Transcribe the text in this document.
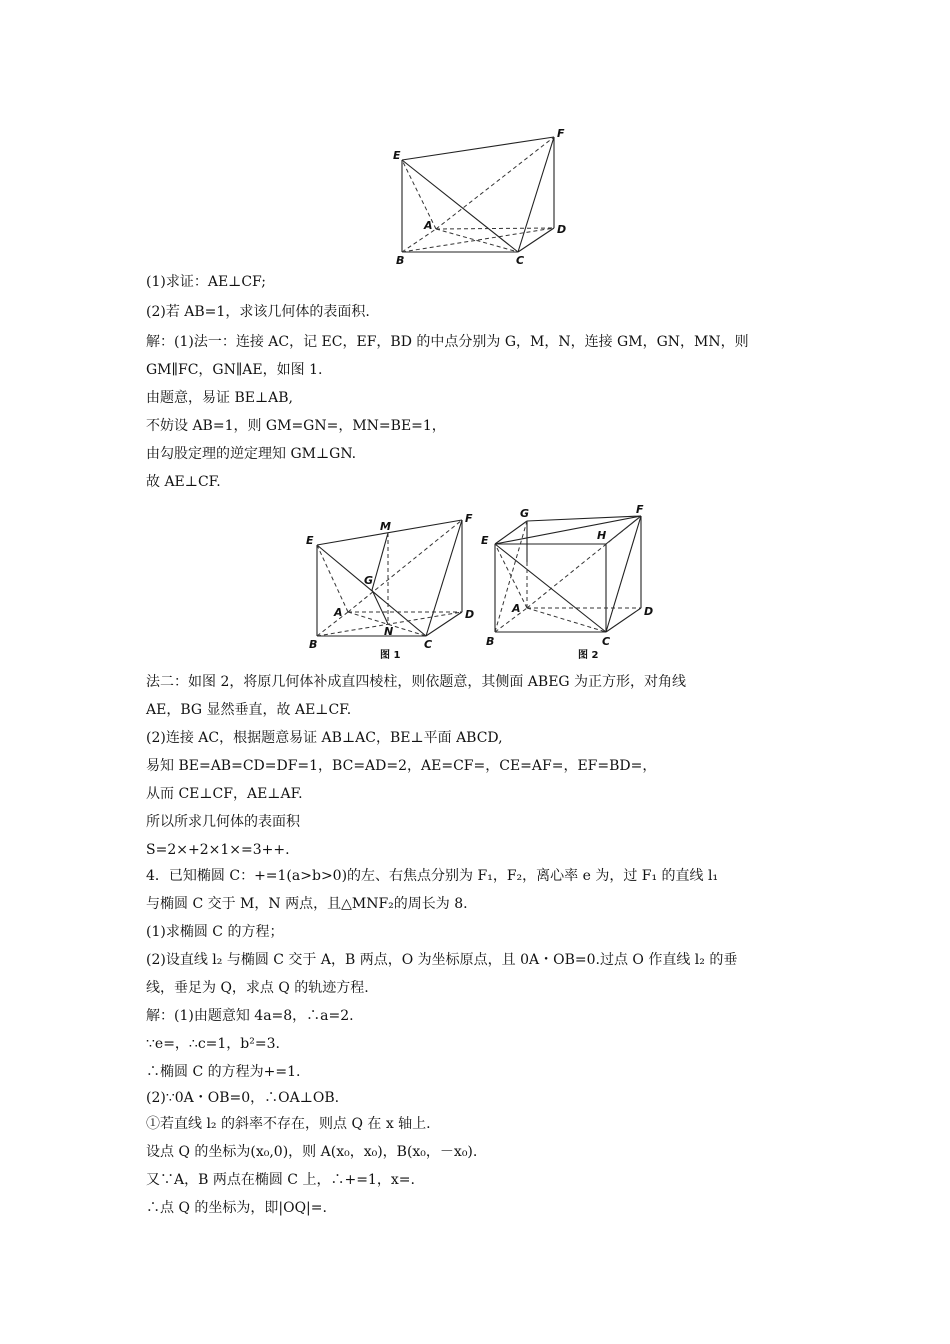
E
F
A	D
B	C
(1)求证：AE⊥CF;
(2)若 AB=1，求该几何体的表面积.
解：(1)法一：连接 AC，记 EC，EF，BD 的中点分别为 G，M，N，连接 GM，GN，MN，则
GM∥FC，GN∥AE，如图 1.
由题意，易证 BE⊥AB,
不妨设 AB=1，则 GM=GN=，MN=BE=1，
由勾股定理的逆定理知 GM⊥GN.
故 AE⊥CF.
E
M
F
G
A	D
B
N
C
图 1
G	F
E	H
A	D
B	C
图 2
法二：如图 2，将原几何体补成直四棱柱，则依题意，其侧面 ABEG 为正方形，对角线
AE，BG 显然垂直，故 AE⊥CF.
(2)连接 AC，根据题意易证 AB⊥AC，BE⊥平面 ABCD,
易知 BE=AB=CD=DF=1，BC=AD=2，AE=CF=，CE=AF=，EF=BD=，
从而 CE⊥CF，AE⊥AF.
所以所求几何体的表面积
S=2×+2×1×=3++.
4．已知椭圆 C：+=1(a>b>0)的左、右焦点分别为 F₁，F₂，离心率 e 为，过 F₁ 的直线 l₁
与椭圆 C 交于 M，N 两点，且△MNF₂的周长为 8.
(1)求椭圆 C 的方程；
(2)设直线 l₂ 与椭圆 C 交于 A，B 两点，O 为坐标原点，且 0A・OB=0.过点 O 作直线 l₂ 的垂
线，垂足为 Q，求点 Q 的轨迹方程.
解：(1)由题意知 4a=8，∴a=2.
∵e=，∴c=1，b²=3.
∴椭圆 C 的方程为+=1.
(2)∵0A・OB=0，∴OA⊥OB.
①若直线 l₂ 的斜率不存在，则点 Q 在 x 轴上.
设点 Q 的坐标为(x₀,0)，则 A(x₀，x₀)，B(x₀，－x₀).
又∵A，B 两点在椭圆 C 上，∴+=1，x=.
∴点 Q 的坐标为，即|OQ|=.
